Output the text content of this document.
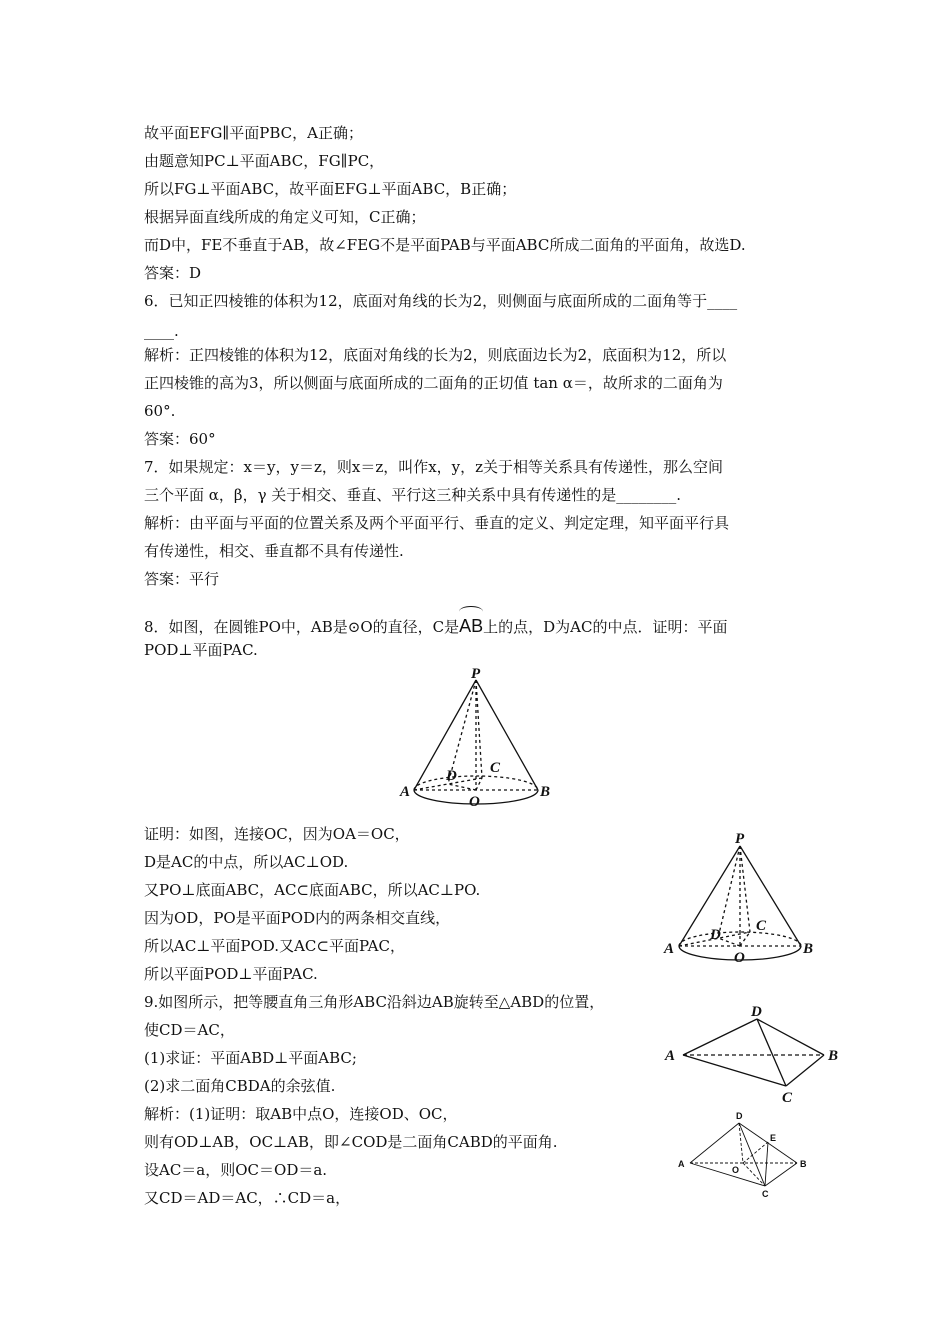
故平面EFG∥平面PBC，A正确；
由题意知PC⊥平面ABC，FG∥PC，
所以FG⊥平面ABC，故平面EFG⊥平面ABC，B正确；
根据异面直线所成的角定义可知，C正确；
而D中，FE不垂直于AB，故∠FEG不是平面PAB与平面ABC所成二面角的平面角，故选D.
答案：D
6．已知正四棱锥的体积为12，底面对角线的长为2，则侧面与底面所成的二面角等于____
____.
解析：正四棱锥的体积为12，底面对角线的长为2，则底面边长为2，底面积为12，所以
正四棱锥的高为3，所以侧面与底面所成的二面角的正切值 tan α＝，故所求的二面角为
60°.
答案：60°
7．如果规定：x＝y，y＝z，则x＝z，叫作x，y，z关于相等关系具有传递性，那么空间
三个平面 α，β，γ 关于相交、垂直、平行这三种关系中具有传递性的是________.
解析：由平面与平面的位置关系及两个平面平行、垂直的定义、判定定理，知平面平行具
有传递性，相交、垂直都不具有传递性.
答案：平行
8．如图，在圆锥PO中，AB是⊙O的直径，C是
AB上的点，D为AC的中点．证明：平面
POD⊥平面PAC.
证明：如图，连接OC，因为OA＝OC，
D是AC的中点，所以AC⊥OD.
又PO⊥底面ABC，AC⊂底面ABC，所以AC⊥PO.
因为OD，PO是平面POD内的两条相交直线，
所以AC⊥平面POD.又AC⊂平面PAC，
所以平面POD⊥平面PAC.
9.如图所示，把等腰直角三角形ABC沿斜边AB旋转至△ABD的位置，
使CD＝AC，
(1)求证：平面ABD⊥平面ABC;
(2)求二面角CBDA的余弦值.
解析：(1)证明：取AB中点O，连接OD、OC，
则有OD⊥AB，OC⊥AB，即∠COD是二面角CABD的平面角.
设AC＝a，则OC＝OD＝a.
又CD＝AD＝AC，∴CD＝a，
P
A	B
C
D
O
P
A	B
C
D
O
D
A	B
C
D
E
A
O
B
C
